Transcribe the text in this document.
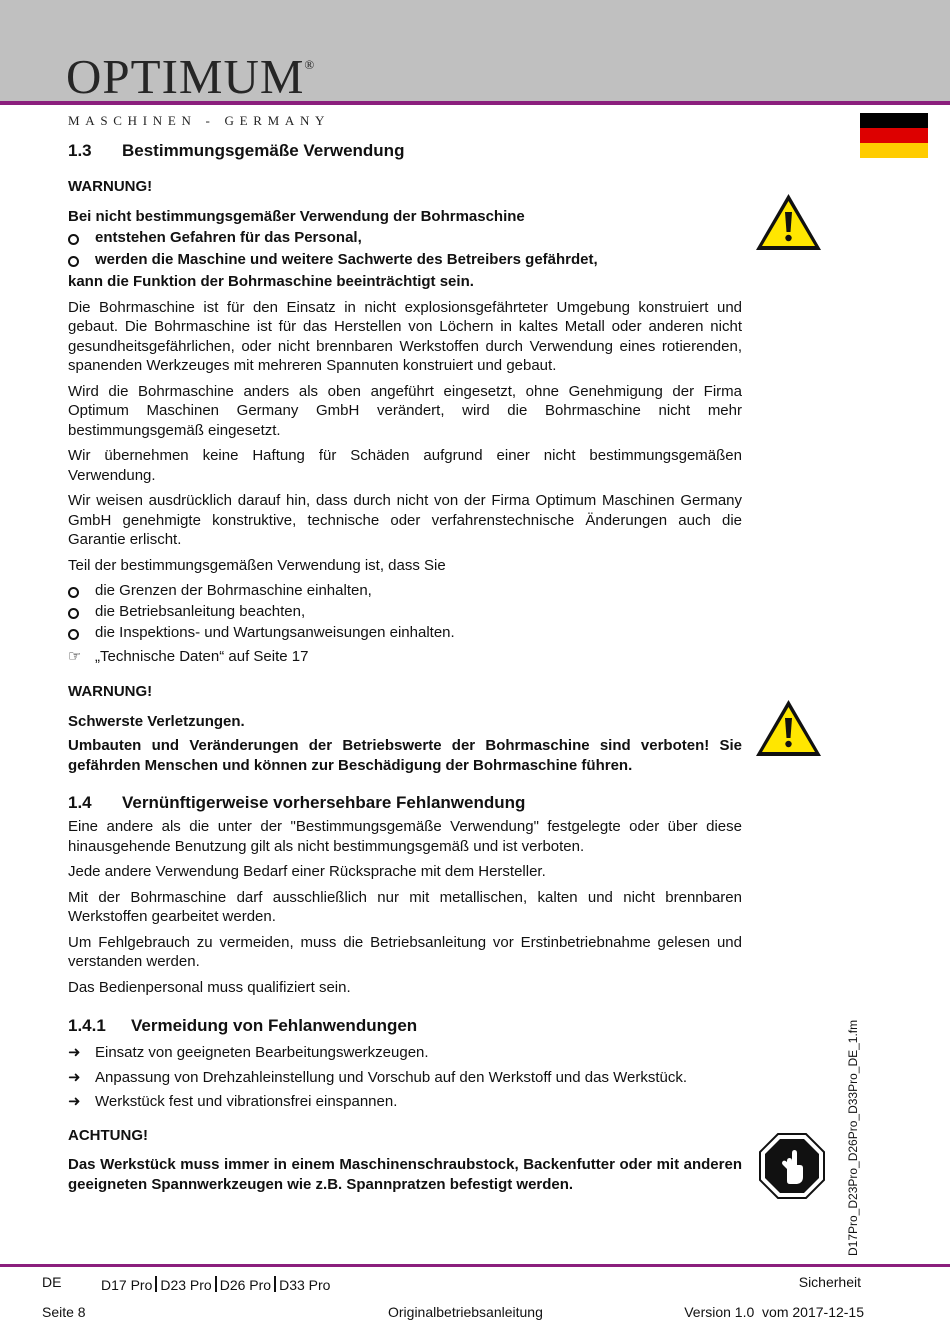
OPTIMUM®
MASCHINEN - GERMANY
1.3 Bestimmungsgemäße Verwendung

WARNUNG!

Bei nicht bestimmungsgemäßer Verwendung der Bohrmaschine

entstehen Gefahren für das Personal,
werden die Maschine und weitere Sachwerte des Betreibers gefährdet,

kann die Funktion der Bohrmaschine beeinträchtigt sein.

Die Bohrmaschine ist für den Einsatz in nicht explosionsgefährteter Umgebung konstruiert und gebaut. Die Bohrmaschine ist für das Herstellen von Löchern in kaltes Metall oder anderen nicht gesundheitsgefährlichen, oder nicht brennbaren Werkstoffen durch Verwendung eines rotierenden, spanenden Werkzeuges mit mehreren Spannuten konstruiert und gebaut.

Wird die Bohrmaschine anders als oben angeführt eingesetzt, ohne Genehmigung der Firma Optimum Maschinen Germany GmbH verändert, wird die Bohrmaschine nicht mehr bestimmungsgemäß eingesetzt.

Wir übernehmen keine Haftung für Schäden aufgrund einer nicht bestimmungsgemäßen Verwendung.

Wir weisen ausdrücklich darauf hin, dass durch nicht von der Firma Optimum Maschinen Germany GmbH genehmigte konstruktive, technische oder verfahrenstechnische Änderungen auch die Garantie erlischt.

Teil der bestimmungsgemäßen Verwendung ist, dass Sie

die Grenzen der Bohrmaschine einhalten,
die Betriebsanleitung beachten,
die Inspektions- und Wartungsanweisungen einhalten.

☞ „Technische Daten“ auf Seite 17

WARNUNG!

Schwerste Verletzungen.

Umbauten und Veränderungen der Betriebswerte der Bohrmaschine sind verboten! Sie gefährden Menschen und können zur Beschädigung der Bohrmaschine führen.

1.4 Vernünftigerweise vorhersehbare Fehlanwendung

Eine andere als die unter der "Bestimmungsgemäße Verwendung" festgelegte oder über diese hinausgehende Benutzung gilt als nicht bestimmungsgemäß und ist verboten.

Jede andere Verwendung Bedarf einer Rücksprache mit dem Hersteller.

Mit der Bohrmaschine darf ausschließlich nur mit metallischen, kalten und nicht brennbaren Werkstoffen gearbeitet werden.

Um Fehlgebrauch zu vermeiden, muss die Betriebsanleitung vor Erstinbetriebnahme gelesen und verstanden werden.

Das Bedienpersonal muss qualifiziert sein.

1.4.1 Vermeidung von Fehlanwendungen
➜ Einsatz von geeigneten Bearbeitungswerkzeugen.
➜ Anpassung von Drehzahleinstellung und Vorschub auf den Werkstoff und das Werkstück.
➜ Werkstück fest und vibrationsfrei einspannen.

ACHTUNG!

Das Werkstück muss immer in einem Maschinenschraubstock, Backenfutter oder mit anderen geeigneten Spannwerkzeugen wie z.B. Spannpratzen befestigt werden.	D17Pro_D23Pro_D26Pro_D33Pro_DE_1.fm
DE	D17 Pro D23 Pro D26 Pro D33 Pro	Sicherheit
Seite 8	Originalbetriebsanleitung	Version 1.0  vom 2017-12-15
